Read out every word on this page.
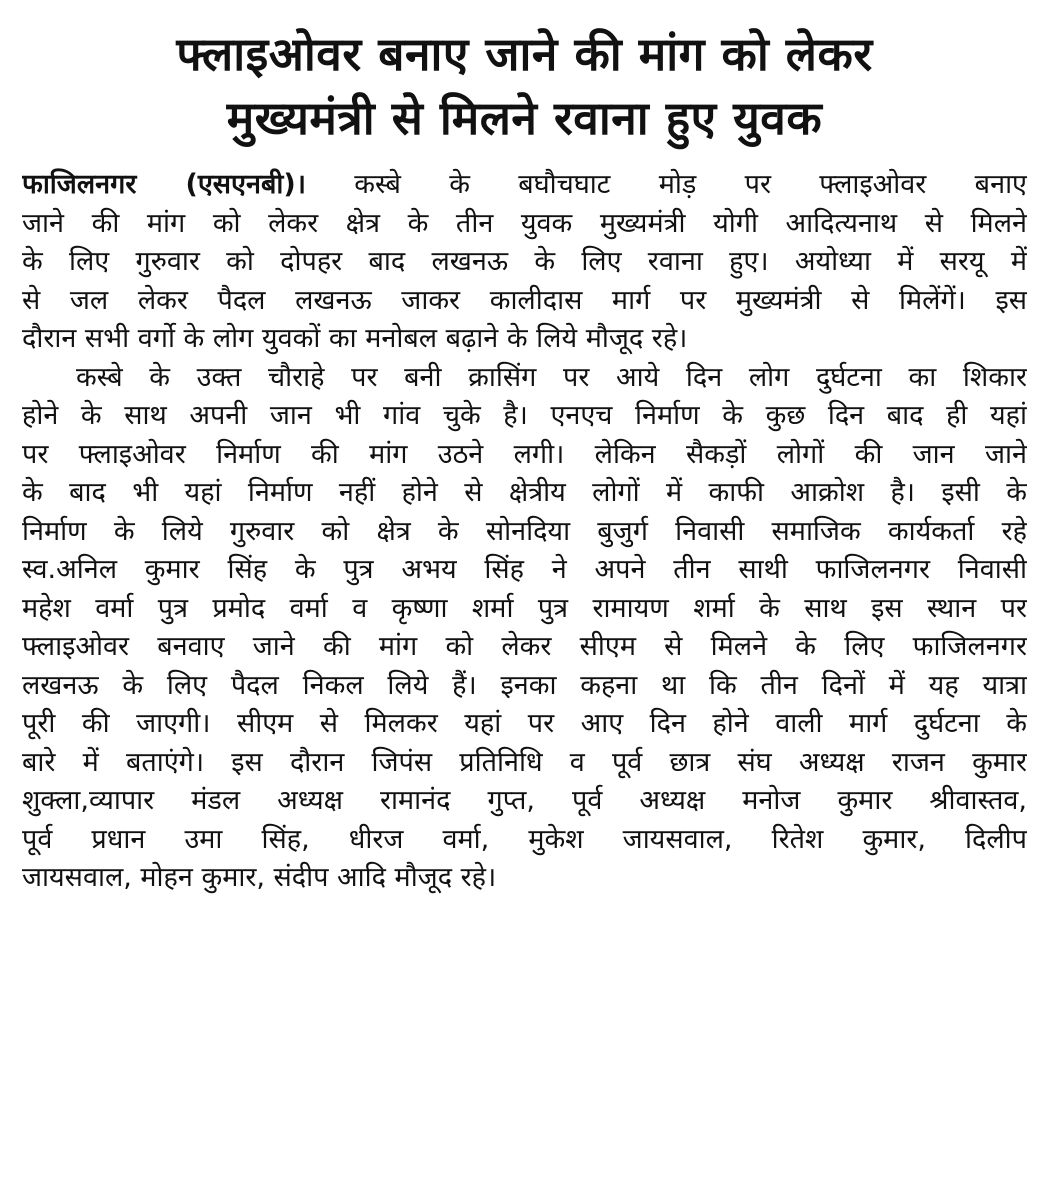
फ्लाइओवर बनाए जाने की मांग को लेकर
मुख्यमंत्री से मिलने रवाना हुए युवक
फाजिलनगर (एसएनबी)। कस्बे के बघौचघाट मोड़ पर फ्लाइओवर बनाए
जाने की मांग को लेकर क्षेत्र के तीन युवक मुख्यमंत्री योगी आदित्यनाथ से मिलने
के लिए गुरुवार को दोपहर बाद लखनऊ के लिए रवाना हुए। अयोध्या में सरयू में
से जल लेकर पैदल लखनऊ जाकर कालीदास मार्ग पर मुख्यमंत्री से मिलेंगें। इस
दौरान सभी वर्गो के लोग युवकों का मनोबल बढ़ाने के लिये मौजूद रहे।
कस्बे के उक्त चौराहे पर बनी क्रासिंग पर आये दिन लोग दुर्घटना का शिकार
होने के साथ अपनी जान भी गांव चुके है। एनएच निर्माण के कुछ दिन बाद ही यहां
पर फ्लाइओवर निर्माण की मांग उठने लगी। लेकिन सैकड़ों लोगों की जान जाने
के बाद भी यहां निर्माण नहीं होने से क्षेत्रीय लोगों में काफी आक्रोश है। इसी के
निर्माण के लिये गुरुवार को क्षेत्र के सोनदिया बुजुर्ग निवासी समाजिक कार्यकर्ता रहे
स्व.अनिल कुमार सिंह के पुत्र अभय सिंह ने अपने तीन साथी फाजिलनगर निवासी
महेश वर्मा पुत्र प्रमोद वर्मा व कृष्णा शर्मा पुत्र रामायण शर्मा के साथ इस स्थान पर
फ्लाइओवर बनवाए जाने की मांग को लेकर सीएम से मिलने के लिए फाजिलनगर
लखनऊ के लिए पैदल निकल लिये हैं। इनका कहना था कि तीन दिनों में यह यात्रा
पूरी की जाएगी। सीएम से मिलकर यहां पर आए दिन होने वाली मार्ग दुर्घटना के
बारे में बताएंगे। इस दौरान जिपंस प्रतिनिधि व पूर्व छात्र संघ अध्यक्ष राजन कुमार
शुक्ला,व्यापार मंडल अध्यक्ष रामानंद गुप्त, पूर्व अध्यक्ष मनोज कुमार श्रीवास्तव,
पूर्व प्रधान उमा सिंह, धीरज वर्मा, मुकेश जायसवाल, रितेश कुमार, दिलीप
जायसवाल, मोहन कुमार, संदीप आदि मौजूद रहे।
